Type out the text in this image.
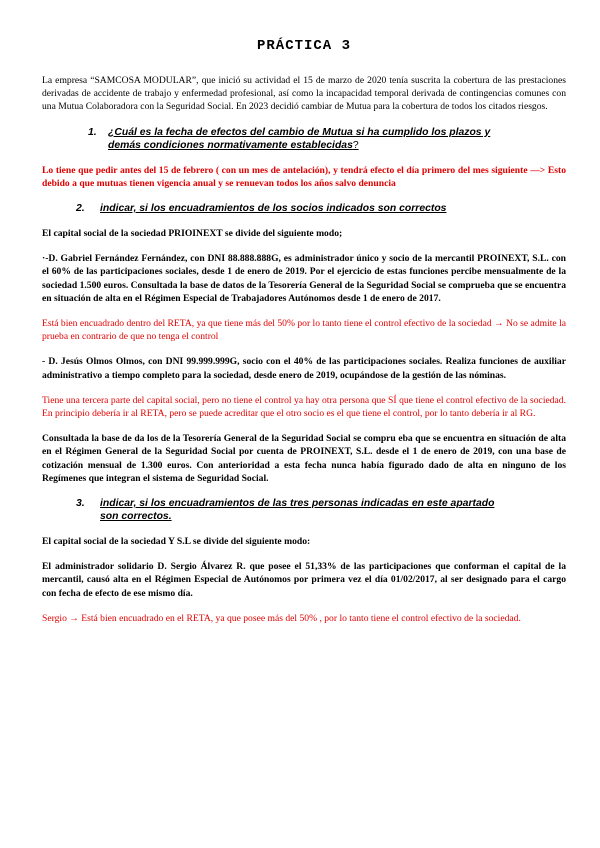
PRÁCTICA 3

La empresa “SAMCOSA MODULAR”, que inició su actividad el 15 de marzo de 2020 tenía suscrita la cobertura de las prestaciones derivadas de accidente de trabajo y enfermedad profesional, así como la incapacidad temporal derivada de contingencias comunes con una Mutua Colaboradora con la Seguridad Social. En 2023 decidió cambiar de Mutua para la cobertura de todos los citados riesgos.

1. ¿Cuál es la fecha de efectos del cambio de Mutua si ha cumplido los plazos y
demás condiciones normativamente establecidas?

Lo tiene que pedir antes del 15 de febrero ( con un mes de antelación), y tendrá efecto el día primero del mes siguiente —> Esto debido a que mutuas tienen vigencia anual y se renuevan todos los años salvo denuncia

2. indicar, si los encuadramientos de los socios indicados son correctos

El capital social de la sociedad PRIOINEXT se divide del siguiente modo;

·-D. Gabriel Fernández Fernández, con DNI 88.888.888G, es administrador único y socio de la mercantil PROINEXT, S.L. con el 60% de las participaciones sociales, desde 1 de enero de 2019. Por el ejercicio de estas funciones percibe mensualmente de la sociedad 1.500 euros. Consultada la base de datos de la Tesorería General de la Seguridad Social se comprueba que se encuentra en situación de alta en el Régimen Especial de Trabajadores Autónomos desde 1 de enero de 2017.

Está bien encuadrado dentro del RETA, ya que tiene más del 50% por lo tanto tiene el control efectivo de la sociedad → No se admite la prueba en contrario de que no tenga el control

- D. Jesús Olmos Olmos, con DNI 99.999.999G, socio con el 40% de las participaciones sociales. Realiza funciones de auxiliar administrativo a tiempo completo para la sociedad, desde enero de 2019, ocupándose de la gestión de las nóminas.

Tiene una tercera parte del capital social, pero no tiene el control ya hay otra persona que SÍ que tiene el control efectivo de la sociedad. En principio debería ir al RETA, pero se puede acreditar que el otro socio es el que tiene el control, por lo tanto debería ir al RG.

Consultada la base de da los de la Tesorería General de la Seguridad Social se compru eba que se encuentra en situación de alta en el Régimen General de la Seguridad Social por cuenta de PROINEXT, S.L. desde el 1 de enero de 2019, con una base de cotización mensual de 1.300 euros. Con anterioridad a esta fecha nunca había figurado dado de alta en ninguno de los Regímenes que integran el sistema de Seguridad Social.

3. indicar, si los encuadramientos de las tres personas indicadas en este apartado
son correctos.

El capital social de la sociedad Y S.L se divide del siguiente modo:

El administrador solidario D. Sergio Álvarez R. que posee el 51,33% de las participaciones que conforman el capital de la mercantil, causó alta en el Régimen Especial de Autónomos por primera vez el día 01/02/2017, al ser designado para el cargo con fecha de efecto de ese mismo día.

Sergio → Está bien encuadrado en el RETA, ya que posee más del 50% , por lo tanto tiene el control efectivo de la sociedad.
